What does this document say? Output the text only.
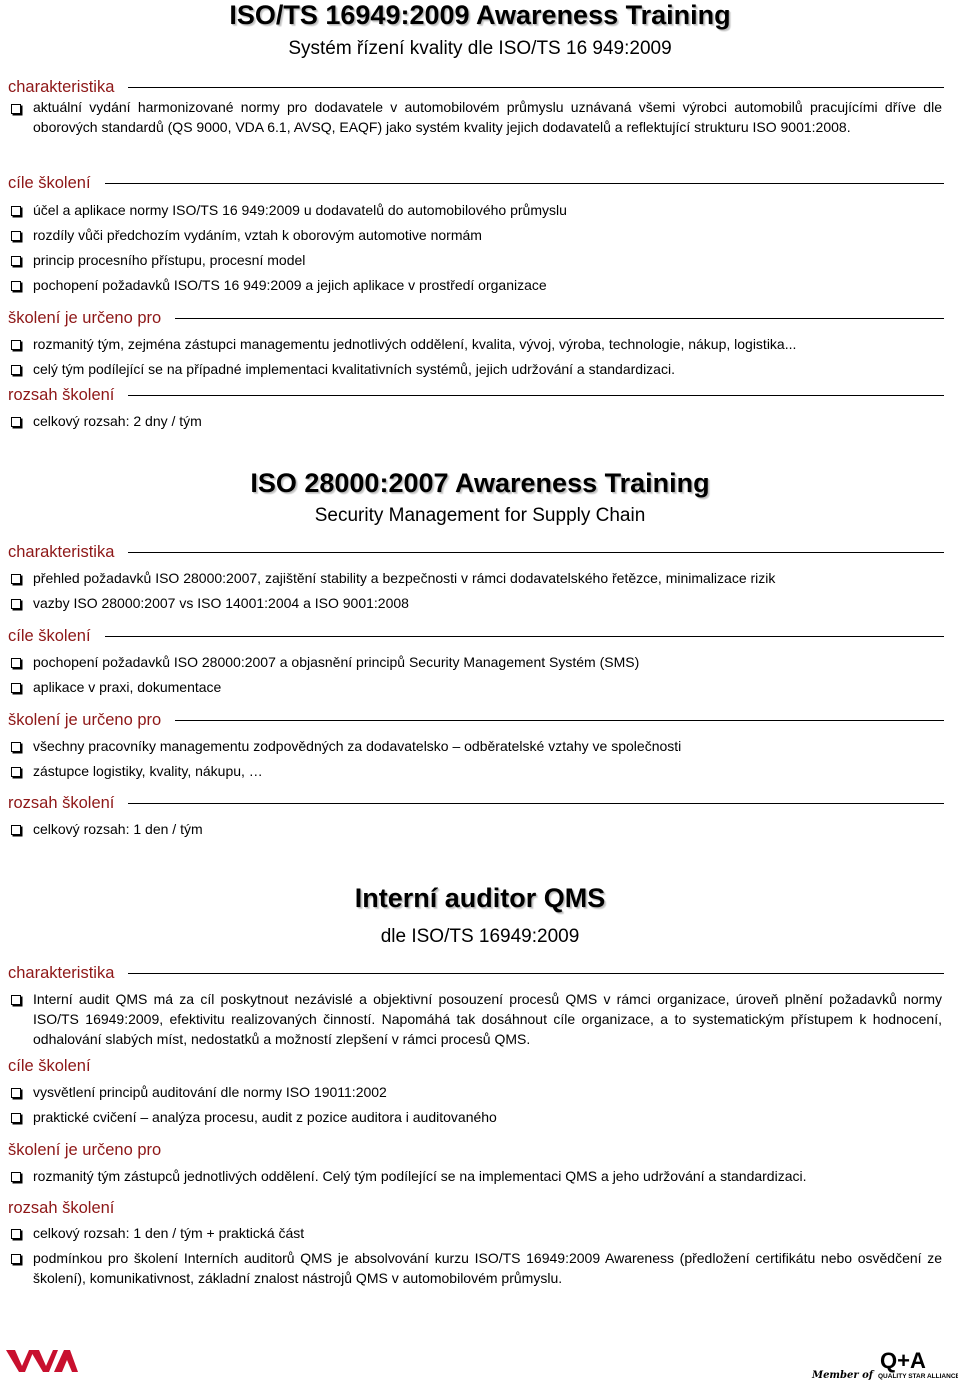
ISO/TS 16949:2009 Awareness Training
Systém řízení kvality dle ISO/TS 16 949:2009
charakteristika
aktuální vydání harmonizované normy pro dodavatele v automobilovém průmyslu uznávaná všemi výrobci automobilů pracujícími dříve dle oborových standardů (QS 9000, VDA 6.1, AVSQ, EAQF) jako systém kvality jejich dodavatelů a reflektující strukturu ISO 9001:2008.
cíle školení
účel a aplikace normy ISO/TS 16 949:2009 u dodavatelů do automobilového průmyslu
rozdíly vůči předchozím vydáním, vztah k oborovým automotive normám
princip procesního přístupu, procesní model
pochopení požadavků ISO/TS 16 949:2009 a jejich aplikace v prostředí organizace
školení je určeno pro
rozmanitý tým, zejména zástupci managementu jednotlivých oddělení, kvalita, vývoj, výroba, technologie, nákup, logistika...
celý tým podílející se na případné implementaci kvalitativních systémů, jejich udržování a standardizaci.
rozsah školení
celkový rozsah: 2 dny / tým
ISO 28000:2007 Awareness Training
Security Management for Supply Chain
charakteristika
přehled požadavků ISO 28000:2007, zajištění stability a bezpečnosti v rámci dodavatelského řetězce, minimalizace rizik
vazby ISO 28000:2007 vs ISO 14001:2004 a ISO 9001:2008
cíle školení
pochopení požadavků ISO 28000:2007 a objasnění principů Security Management Systém (SMS)
aplikace v praxi, dokumentace
školení je určeno pro
všechny pracovníky managementu zodpovědných za dodavatelsko – odběratelské vztahy ve společnosti
zástupce logistiky, kvality, nákupu, …
rozsah školení
celkový rozsah: 1 den / tým
Interní auditor QMS
dle ISO/TS 16949:2009
charakteristika
Interní audit QMS má za cíl poskytnout nezávislé a objektivní posouzení procesů QMS v rámci organizace, úroveň plnění požadavků normy ISO/TS 16949:2009, efektivitu realizovaných činností. Napomáhá tak dosáhnout cíle organizace, a to systematickým přístupem k hodnocení, odhalování slabých míst, nedostatků a možností zlepšení v rámci procesů QMS.
cíle školení
vysvětlení principů auditování dle normy ISO 19011:2002
praktické cvičení – analýza procesu, audit z pozice auditora i auditovaného
školení je určeno pro
rozmanitý tým zástupců jednotlivých oddělení. Celý tým podílející se na implementaci QMS a jeho udržování a standardizaci.
rozsah školení
celkový rozsah: 1 den / tým + praktická část
podmínkou pro školení Interních auditorů QMS je absolvování kurzu ISO/TS 16949:2009 Awareness (předložení certifikátu nebo osvědčení ze školení), komunikativnost, základní znalost nástrojů QMS v automobilovém průmyslu.
Member of
Q+A
QUALITY STAR ALLIANCE
